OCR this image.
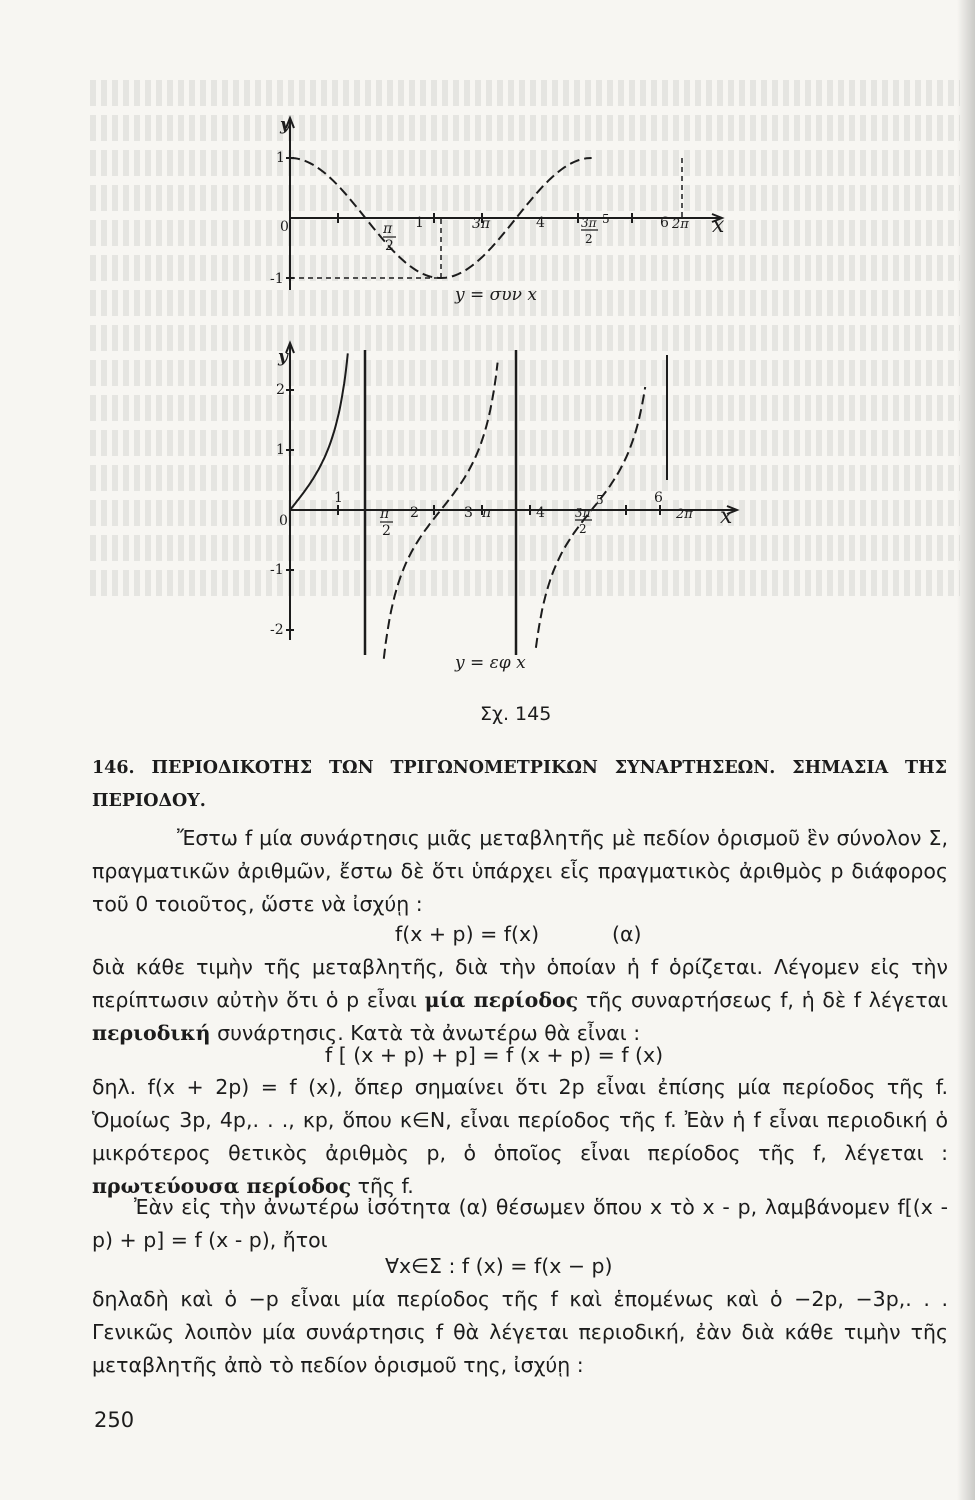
y
1
0
-1
π
2
1	3π	4	3π
2
5	6 2π x
y = συν x
y
2
1
0
-1
-2
1
π
2
2	3 π	4	3π
2
5	6
2π x
y = εφ x
Σχ. 145
146. ΠΕΡΙΟΔΙΚΟΤΗΣ ΤΩΝ ΤΡΙΓΩΝΟΜΕΤΡΙΚΩΝ ΣΥΝΑΡΤΗΣΕΩΝ. ΣΗΜΑΣΙΑ ΤΗΣ ΠΕΡΙΟΔΟΥ.
Ἔστω f μία συνάρτησις μιᾶς μεταβλητῆς μὲ πεδίον ὁρισμοῦ ἓν σύνολον Σ, πραγματικῶν ἀριθμῶν, ἔστω δὲ ὅτι ὑπάρχει εἷς πραγματικὸς ἀριθμὸς p διάφορος τοῦ 0 τοιοῦτος, ὥστε νὰ ἰσχύῃ :
f(x + p) = f(x)	(α)
διὰ κάθε τιμὴν τῆς μεταβλητῆς, διὰ τὴν ὁποίαν ἡ f ὁρίζεται. Λέγομεν εἰς τὴν περίπτωσιν αὐτὴν ὅτι ὁ p εἶναι μία περίοδος τῆς συναρτήσεως f, ἡ δὲ f λέγεται περιοδική συνάρτησις. Κατὰ τὰ ἀνωτέρω θὰ εἶναι :
f [ (x + p) + p] = f (x + p) = f (x)
δηλ. f(x + 2p) = f (x), ὅπερ σημαίνει ὅτι 2p εἶναι ἐπίσης μία περίοδος τῆς f. Ὁμοίως 3p, 4p,. . ., κp, ὅπου κ∈N, εἶναι περίοδος τῆς f. Ἐὰν ἡ f εἶναι περιοδική ὁ μικρότερος θετικὸς ἀριθμὸς p, ὁ ὁποῖος εἶναι περίοδος τῆς f, λέγεται : πρωτεύουσα περίοδος τῆς f.
Ἐὰν εἰς τὴν ἀνωτέρω ἰσότητα (α) θέσωμεν ὅπου x τὸ x - p, λαμβάνομεν f[(x - p) + p] = f (x - p), ἤτοι
∀x∈Σ : f (x) = f(x − p)
δηλαδὴ καὶ ὁ −p εἶναι μία περίοδος τῆς f καὶ ἑπομένως καὶ ὁ −2p, −3p,. . . Γενικῶς λοιπὸν μία συνάρτησις f θὰ λέγεται περιοδική, ἐὰν διὰ κάθε τιμὴν τῆς μεταβλητῆς ἀπὸ τὸ πεδίον ὁρισμοῦ της, ἰσχύῃ :
250
